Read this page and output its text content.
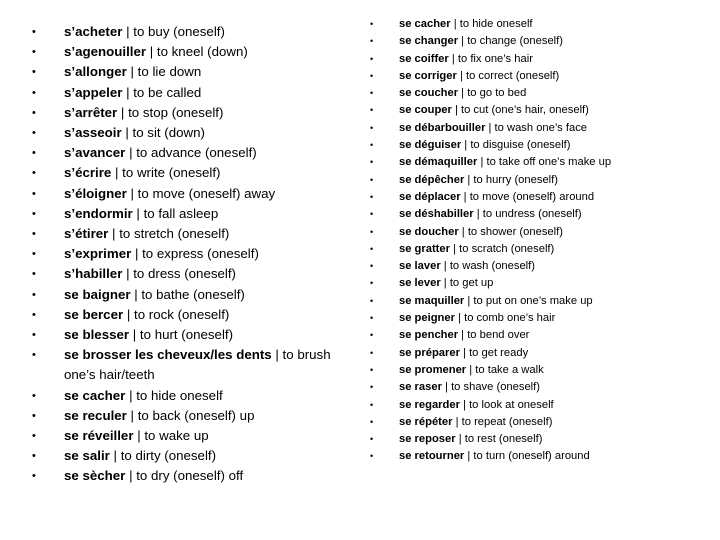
• s’acheter | to buy (oneself)
• s’agenouiller | to kneel (down)
• s’allonger | to lie down
• s’appeler | to be called
• s’arrêter | to stop (oneself)
• s’asseoir | to sit (down)
• s’avancer | to advance (oneself)
• s’écrire | to write (oneself)
• s’éloigner | to move (oneself) away
• s’endormir | to fall asleep
• s’étirer | to stretch (oneself)
• s’exprimer | to express (oneself)
• s’habiller | to dress (oneself)
• se baigner | to bathe (oneself)
• se bercer | to rock (oneself)
• se blesser | to hurt (oneself)
• se brosser les cheveux/les dents | to brush one’s hair/teeth
• se cacher | to hide oneself
• se reculer | to back (oneself) up
• se réveiller | to wake up
• se salir | to dirty (oneself)
• se sècher | to dry (oneself) off
• se cacher | to hide oneself
• se changer | to change (oneself)
• se coiffer | to fix one’s hair
• se corriger | to correct (oneself)
• se coucher | to go to bed
• se couper | to cut (one’s hair, oneself)
• se débarbouiller | to wash one’s face
• se déguiser | to disguise (oneself)
• se démaquiller | to take off one’s make up
• se dépêcher | to hurry (oneself)
• se déplacer | to move (oneself) around
• se déshabiller | to undress (oneself)
• se doucher | to shower (oneself)
• se gratter | to scratch (oneself)
• se laver | to wash (oneself)
• se lever | to get up
• se maquiller | to put on one’s make up
• se peigner | to comb one’s hair
• se pencher | to bend over
• se préparer | to get ready
• se promener | to take a walk
• se raser | to shave (oneself)
• se regarder | to look at oneself
• se répéter | to repeat (oneself)
• se reposer | to rest (oneself)
• se retourner | to turn (oneself) around
